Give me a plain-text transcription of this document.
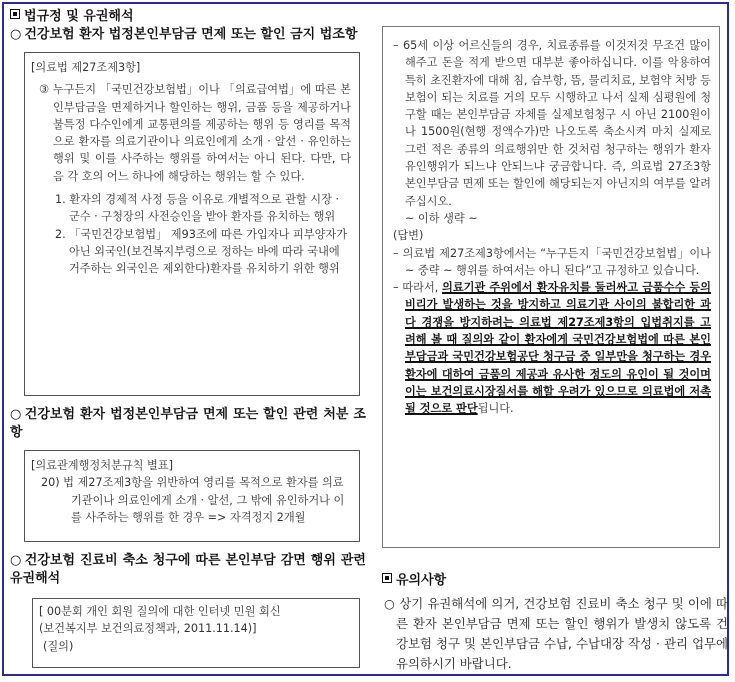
법규정 및 유권해석
○ 건강보험 환자 법정본인부담금 면제 또는 할인 금지 법조항

[의료법 제27조제3항]

③ 누구든지 「국민건강보험법」이나 「의료급여법」에 따른 본인부담금을 면제하거나 할인하는 행위, 금품 등을 제공하거나 불특정 다수인에게 교통편의를 제공하는 행위 등 영리를 목적으로 환자를 의료기관이나 의료인에게 소개 · 알선 · 유인하는 행위 및 이를 사주하는 행위를 하여서는 아니 된다. 다만, 다음 각 호의 어느 하나에 해당하는 행위는 할 수 있다.

1. 환자의 경제적 사정 등을 이유로 개별적으로 관할 시장 · 군수 · 구청장의 사전승인을 받아 환자를 유치하는 행위

2. 「국민건강보험법」 제93조에 따른 가입자나 피부양자가 아닌 외국인(보건복지부령으로 정하는 바에 따라 국내에 거주하는 외국인은 제외한다)환자를 유치하기 위한 행위

○ 건강보험 환자 법정본인부담금 면제 또는 할인 관련 처분 조항

[의료관계행정처분규칙 별표]

20) 법 제27조제3항을 위반하여 영리를 목적으로 환자를 의료기관이나 의료인에게 소개 · 알선, 그 밖에 유인하거나 이를 사주하는 행위를 한 경우 => 자격정지 2개월

○ 건강보험 진료비 축소 청구에 따른 본인부담 감면 행위 관련 유권해석

[ 00분회 개인 회원 질의에 대한 인터넷 민원 회신

(보건복지부 보건의료정책과, 2011.11.14)]

(질의)

– 65세 이상 어르신들의 경우, 치료종류를 이것저것 무조건 많이 해주고 돈을 적게 받으면 대부분 좋아하십니다. 이를 악용하여 특히 초진환자에 대해 침, 습부항, 뜸, 물리치료, 보험약 처방 등 보험이 되는 치료를 거의 모두 시행하고 나서 실제 심평원에 청구할 때는 본인부담금 자체를 실제보험청구 시 아닌 2100원이나 1500원(현행 정액수가)만 나오도록 축소시켜 마치 실제로 그런 적은 종류의 의료행위만 한 것처럼 청구하는 행위가 환자 유인행위가 되느냐 안되느냐 궁금합니다. 즉, 의료법 27조3항 본인부담금 면제 또는 할인에 해당되는지 아닌지의 여부를 알려주십시오.

~ 이하 생략 ~

(답변)

– 의료법 제27조제3항에서는 “누구든지「국민건강보험법」이나 ~ 중략 ~ 행위를 하여서는 아니 된다”고 규정하고 있습니다.

– 따라서, 의료기관 주위에서 환자유치를 둘러싸고 금품수수 등의 비리가 발생하는 것을 방지하고 의료기관 사이의 불합리한 과다 경쟁을 방지하려는 의료법 제27조제3항의 입법취지를 고려해 볼 때 질의와 같이 환자에게 국민건강보험법에 따른 본인부담금과 국민건강보험공단 청구금 중 일부만을 청구하는 경우 환자에 대하여 금품의 제공과 유사한 정도의 유인이 될 것이며 이는 보건의료시장질서를 해할 우려가 있으므로 의료법에 저촉될 것으로 판단됩니다.

유의사항
○ 상기 유권해석에 의거, 건강보험 진료비 축소 청구 및 이에 따른 환자 본인부담금 면제 또는 할인 행위가 발생치 않도록 건강보험 청구 및 본인부담금 수납, 수납대장 작성 · 관리 업무에 유의하시기 바랍니다.
